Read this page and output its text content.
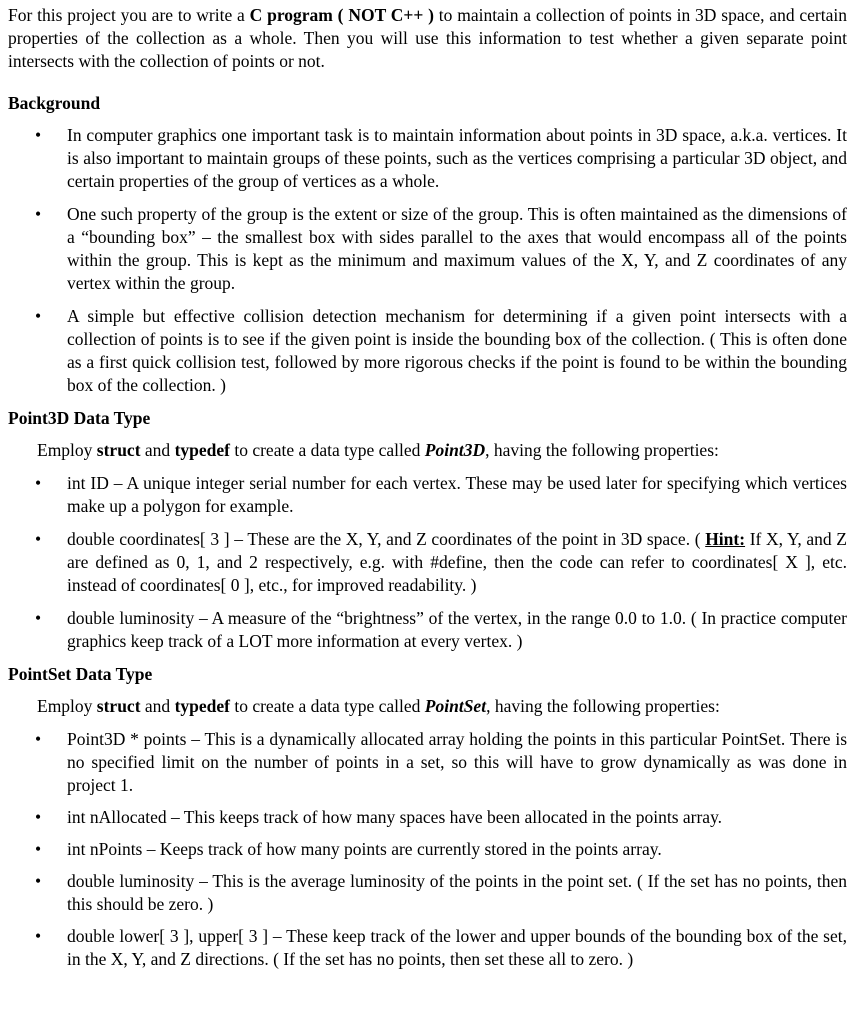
For this project you are to write a C program ( NOT C++ ) to maintain a collection of points in 3D space, and certain properties of the collection as a whole. Then you will use this information to test whether a given separate point intersects with the collection of points or not.

Background
• In computer graphics one important task is to maintain information about points in 3D space, a.k.a. vertices. It is also important to maintain groups of these points, such as the vertices comprising a particular 3D object, and certain properties of the group of vertices as a whole.
• One such property of the group is the extent or size of the group. This is often maintained as the dimensions of a “bounding box” – the smallest box with sides parallel to the axes that would encompass all of the points within the group. This is kept as the minimum and maximum values of the X, Y, and Z coordinates of any vertex within the group.
• A simple but effective collision detection mechanism for determining if a given point intersects with a collection of points is to see if the given point is inside the bounding box of the collection. ( This is often done as a first quick collision test, followed by more rigorous checks if the point is found to be within the bounding box of the collection. )
Point3D Data Type

Employ struct and typedef to create a data type called Point3D, having the following properties:

• int ID – A unique integer serial number for each vertex. These may be used later for specifying which vertices make up a polygon for example.
• double coordinates[ 3 ] – These are the X, Y, and Z coordinates of the point in 3D space. ( Hint: If X, Y, and Z are defined as 0, 1, and 2 respectively, e.g. with #define, then the code can refer to coordinates[ X ], etc. instead of coordinates[ 0 ], etc., for improved readability. )
• double luminosity – A measure of the “brightness” of the vertex, in the range 0.0 to 1.0. ( In practice computer graphics keep track of a LOT more information at every vertex. )
PointSet Data Type

Employ struct and typedef to create a data type called PointSet, having the following properties:

• Point3D * points – This is a dynamically allocated array holding the points in this particular PointSet. There is no specified limit on the number of points in a set, so this will have to grow dynamically as was done in project 1.
• int nAllocated – This keeps track of how many spaces have been allocated in the points array.
• int nPoints – Keeps track of how many points are currently stored in the points array.
• double luminosity – This is the average luminosity of the points in the point set. ( If the set has no points, then this should be zero. )
• double lower[ 3 ], upper[ 3 ] – These keep track of the lower and upper bounds of the bounding box of the set, in the X, Y, and Z directions. ( If the set has no points, then set these all to zero. )
